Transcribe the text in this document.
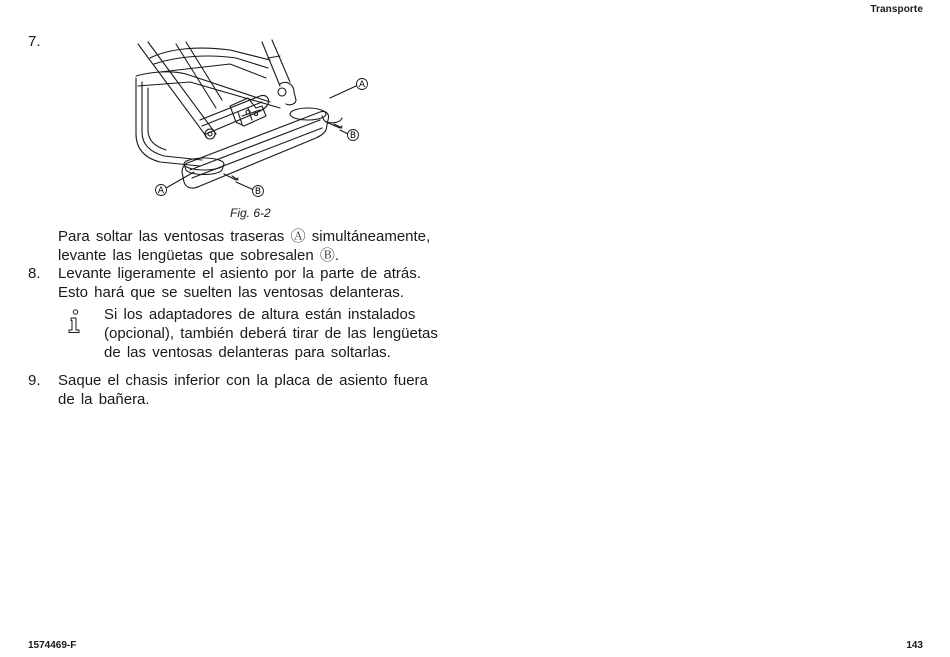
Transporte
7.
A	B
A
B
Fig. 6-2
Para soltar las ventosas traseras Ⓐ simultáneamente,
levante las lengüetas que sobresalen Ⓑ.
8. Levante ligeramente el asiento por la parte de atrás.
Esto hará que se suelten las ventosas delanteras.
Si los adaptadores de altura están instalados
(opcional), también deberá tirar de las lengüetas
de las ventosas delanteras para soltarlas.
9. Saque el chasis inferior con la placa de asiento fuera
de la bañera.
1574469-F	143
